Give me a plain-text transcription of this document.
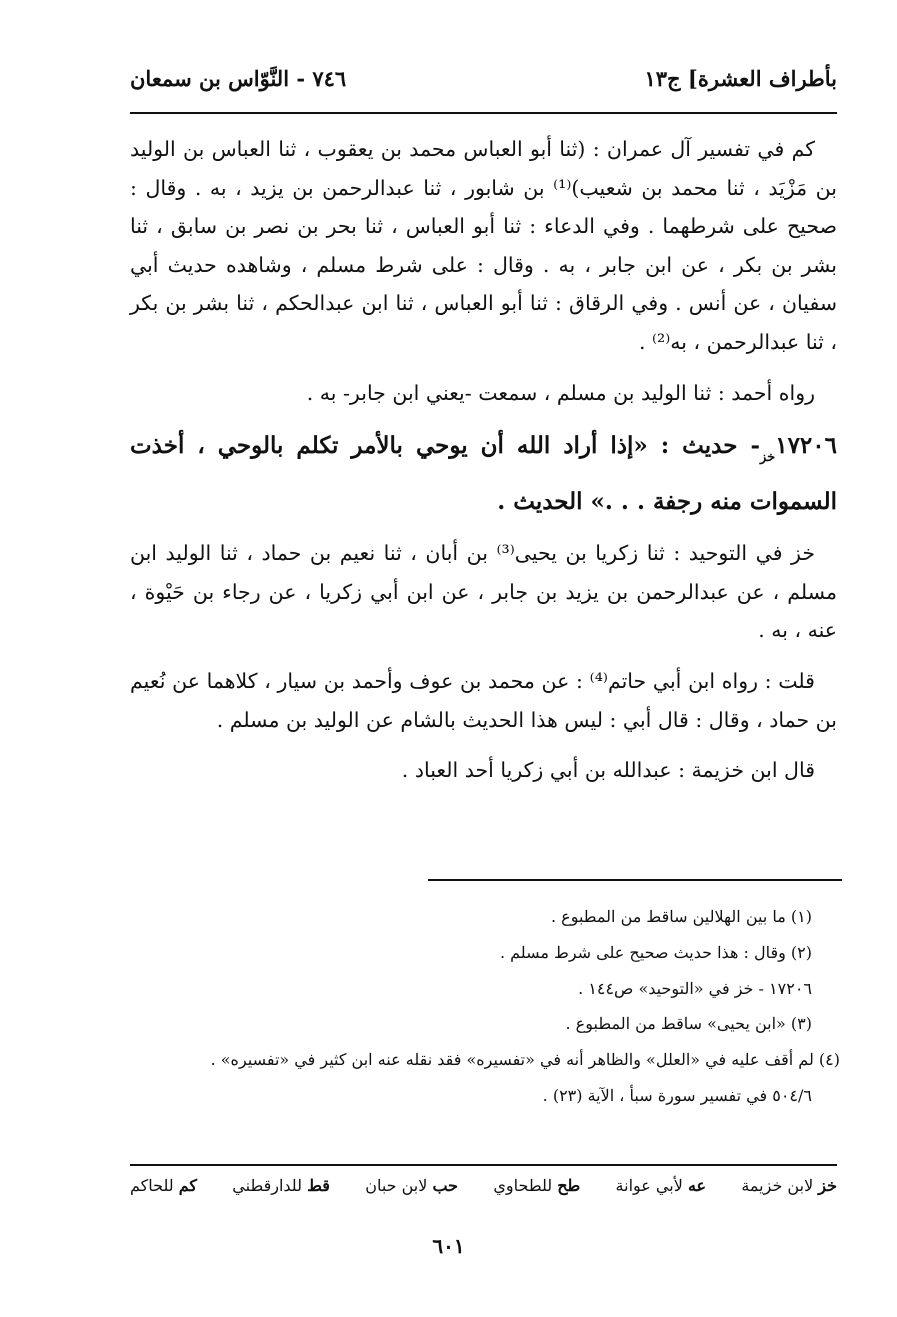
بأطراف العشرة] ج١٣
٧٤٦ - النَّوّاس بن سمعان

كم في تفسير آل عمران : (ثنا أبو العباس محمد بن يعقوب ، ثنا العباس بن الوليد بن مَزْيَد ، ثنا محمد بن شعيب)⁽¹⁾ بن شابور ، ثنا عبدالرحمن بن يزيد ، به . وقال : صحيح على شرطهما . وفي الدعاء : ثنا أبو العباس ، ثنا بحر بن نصر بن سابق ، ثنا بشر بن بكر ، عن ابن جابر ، به . وقال : على شرط مسلم ، وشاهده حديث أبي سفيان ، عن أنس . وفي الرقاق : ثنا أبو العباس ، ثنا ابن عبدالحكم ، ثنا بشر بن بكر ، ثنا عبدالرحمن ، به⁽²⁾ .

رواه أحمد : ثنا الوليد بن مسلم ، سمعت -يعني ابن جابر- به .

$١٧٢٠٦_{خز}-$ حديث : «إذا أراد الله أن يوحي بالأمر تكلم بالوحي ، أخذت السموات منه رجفة . . .» الحديث .

خز في التوحيد : ثنا زكريا بن يحيى⁽³⁾ بن أبان ، ثنا نعيم بن حماد ، ثنا الوليد ابن مسلم ، عن عبدالرحمن بن يزيد بن جابر ، عن ابن أبي زكريا ، عن رجاء بن حَيْوة ، عنه ، به .

قلت : رواه ابن أبي حاتم⁽⁴⁾ : عن محمد بن عوف وأحمد بن سيار ، كلاهما عن نُعيم بن حماد ، وقال : قال أبي : ليس هذا الحديث بالشام عن الوليد بن مسلم .

قال ابن خزيمة : عبدالله بن أبي زكريا أحد العباد .

(١) ما بين الهلالين ساقط من المطبوع .

(٢) وقال : هذا حديث صحيح على شرط مسلم .

١٧٢٠٦ - خز في «التوحيد» ص١٤٤ .

(٣) «ابن يحيى» ساقط من المطبوع .

(٤) لم أقف عليه في «العلل» والظاهر أنه في «تفسيره» فقد نقله عنه ابن كثير في «تفسيره» .

٥٠٤/٦ في تفسير سورة سبأ ، الآية (٢٣) .

خز لابن خزيمة
عه لأبي عوانة
طح للطحاوي
حب لابن حبان
قط للدارقطني
كم للحاكم
٦٠١
